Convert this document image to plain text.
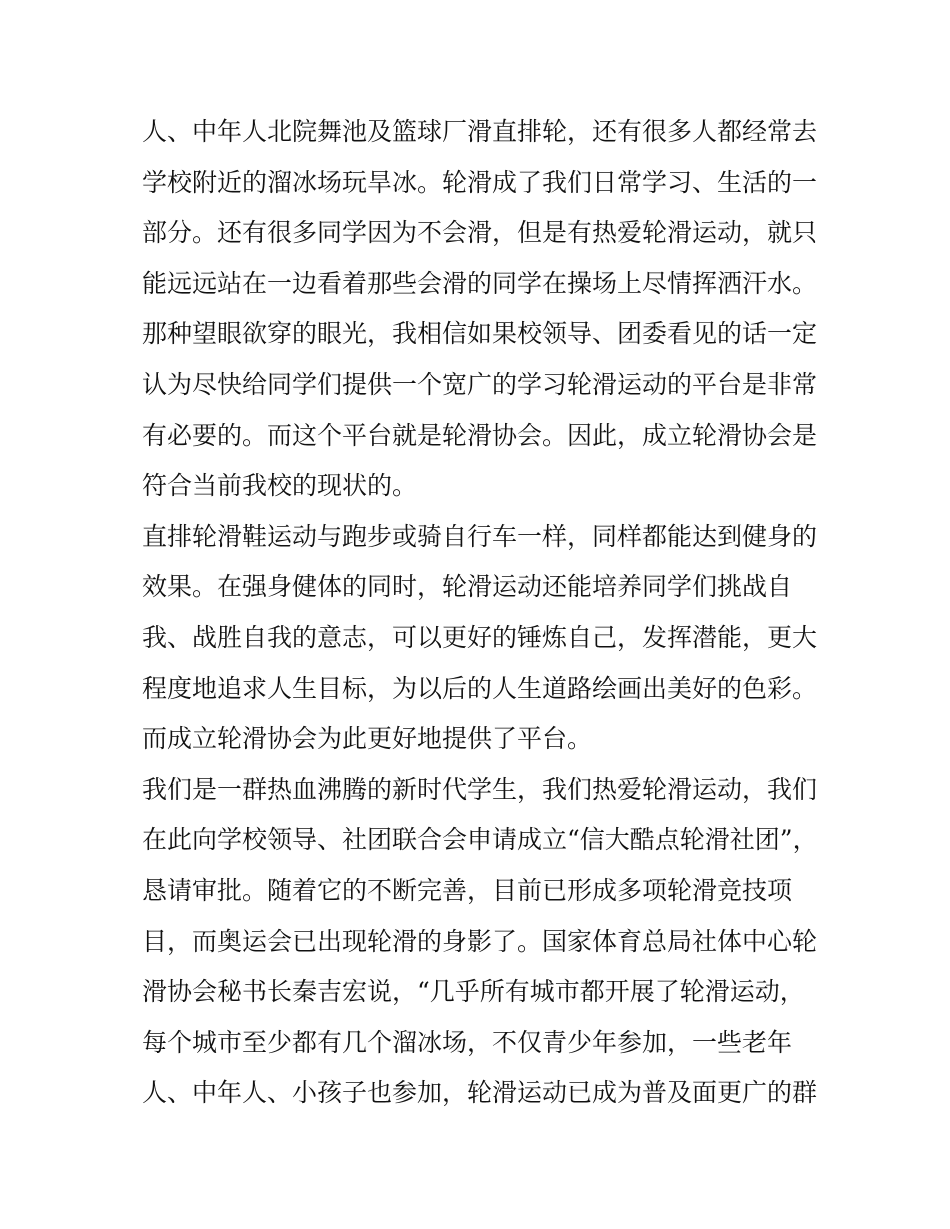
人、中年人北院舞池及篮球厂滑直排轮，还有很多人都经常去
学校附近的溜冰场玩旱冰。轮滑成了我们日常学习、生活的一
部分。还有很多同学因为不会滑，但是有热爱轮滑运动，就只
能远远站在一边看着那些会滑的同学在操场上尽情挥洒汗水。
那种望眼欲穿的眼光，我相信如果校领导、团委看见的话一定
认为尽快给同学们提供一个宽广的学习轮滑运动的平台是非常
有必要的。而这个平台就是轮滑协会。因此，成立轮滑协会是
符合当前我校的现状的。
直排轮滑鞋运动与跑步或骑自行车一样，同样都能达到健身的
效果。在强身健体的同时，轮滑运动还能培养同学们挑战自
我、战胜自我的意志，可以更好的锤炼自己，发挥潜能，更大
程度地追求人生目标，为以后的人生道路绘画出美好的色彩。
而成立轮滑协会为此更好地提供了平台。
我们是一群热血沸腾的新时代学生，我们热爱轮滑运动，我们
在此向学校领导、社团联合会申请成立“信大酷点轮滑社团”，
恳请审批。随着它的不断完善，目前已形成多项轮滑竞技项
目，而奥运会已出现轮滑的身影了。国家体育总局社体中心轮
滑协会秘书长秦吉宏说，“几乎所有城市都开展了轮滑运动，
每个城市至少都有几个溜冰场，不仅青少年参加，一些老年
人、中年人、小孩子也参加，轮滑运动已成为普及面更广的群
